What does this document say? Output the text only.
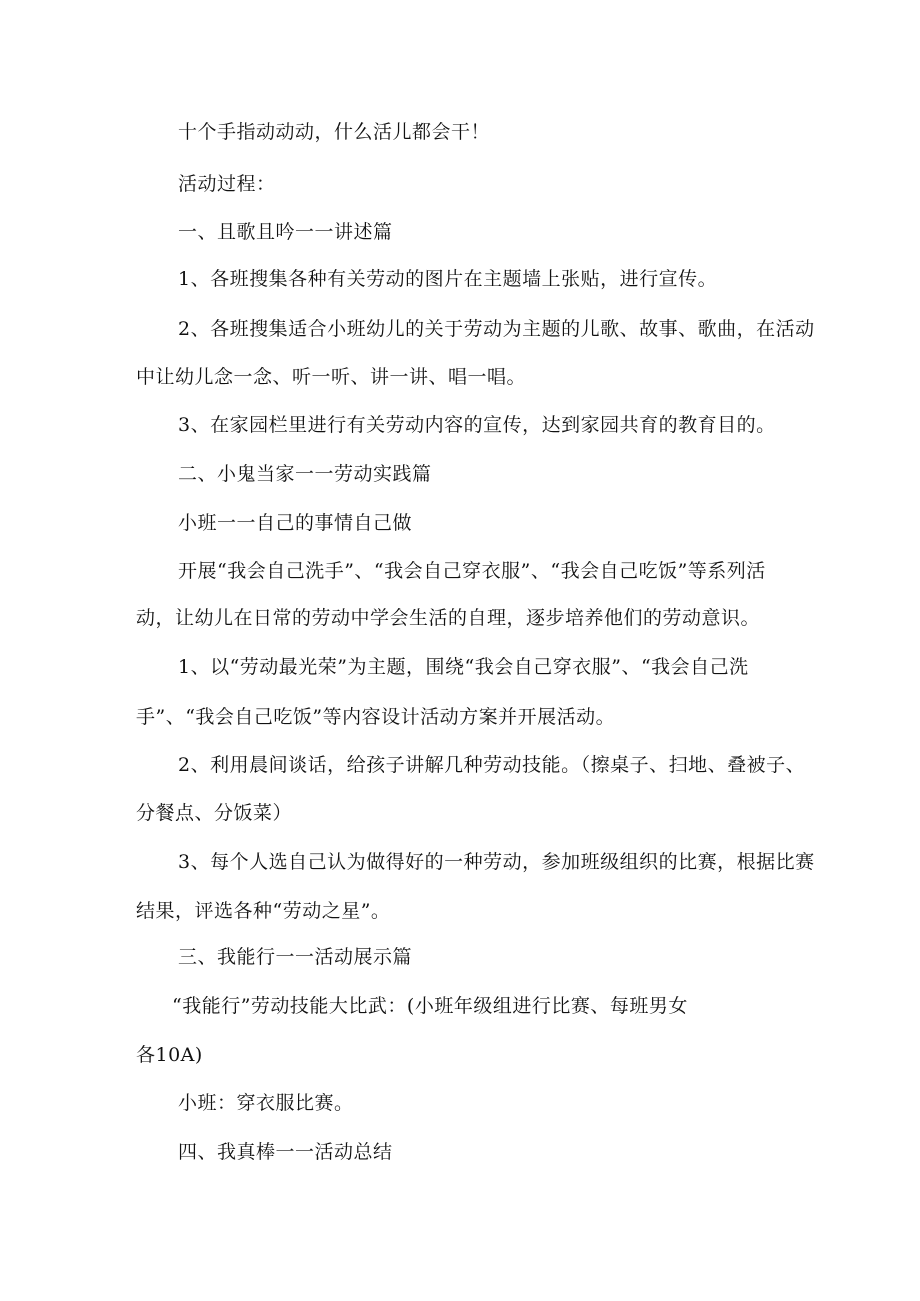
十个手指动动动，什么活儿都会干！
活动过程：
一、且歌且吟一一讲述篇
1、各班搜集各种有关劳动的图片在主题墙上张贴，进行宣传。
2、各班搜集适合小班幼儿的关于劳动为主题的儿歌、故事、歌曲，在活动
中让幼儿念一念、听一听、讲一讲、唱一唱。
3、在家园栏里进行有关劳动内容的宣传，达到家园共育的教育目的。
二、小鬼当家一一劳动实践篇
小班一一自己的事情自己做
开展“我会自己洗手”、“我会自己穿衣服”、“我会自己吃饭”等系列活
动，让幼儿在日常的劳动中学会生活的自理，逐步培养他们的劳动意识。
1、以“劳动最光荣”为主题，围绕“我会自己穿衣服”、“我会自己洗
手”、“我会自己吃饭”等内容设计活动方案并开展活动。
2、利用晨间谈话，给孩子讲解几种劳动技能。（擦桌子、扫地、叠被子、
分餐点、分饭菜）
3、每个人选自己认为做得好的一种劳动，参加班级组织的比赛，根据比赛
结果，评选各种“劳动之星”。
三、我能行一一活动展示篇
“我能行”劳动技能大比武：(小班年级组进行比赛、每班男女
各10A)
小班：穿衣服比赛。
四、我真棒一一活动总结
